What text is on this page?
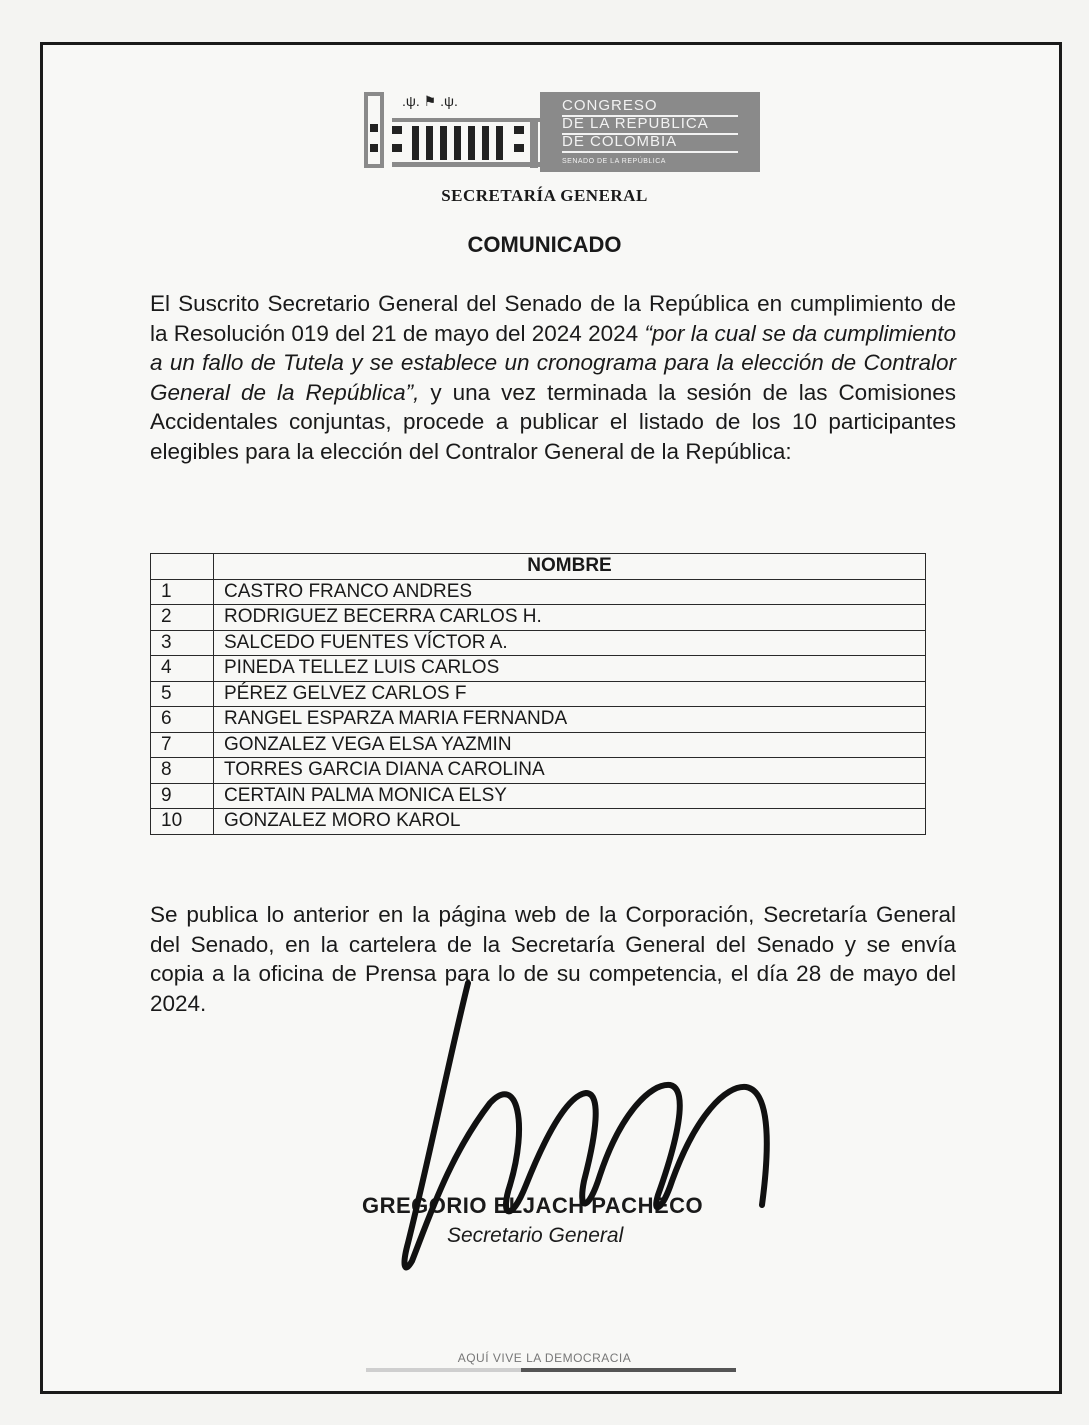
.ψ. ⚑ .ψ.	CONGRESO
DE LA REPÚBLICA
DE COLOMBIA
SENADO DE LA REPÚBLICA
SECRETARÍA GENERAL
COMUNICADO
El Suscrito Secretario General del Senado de la República en cumplimiento de la Resolución 019 del 21 de mayo del 2024 2024 “por la cual se da cumplimiento a un fallo de Tutela y se establece un cronograma para la elección de Contralor General de la República”, y una vez terminada la sesión de las Comisiones Accidentales conjuntas, procede a publicar el listado de los 10 participantes elegibles para la elección del Contralor General de la República:
	NOMBRE
1	CASTRO FRANCO ANDRES
2	RODRIGUEZ BECERRA CARLOS H.
3	SALCEDO FUENTES VÍCTOR A.
4	PINEDA TELLEZ LUIS CARLOS
5	PÉREZ GELVEZ CARLOS F
6	RANGEL ESPARZA MARIA FERNANDA
7	GONZALEZ VEGA ELSA YAZMIN
8	TORRES GARCIA DIANA CAROLINA
9	CERTAIN PALMA MONICA ELSY
10	GONZALEZ MORO KAROL
Se publica lo anterior en la página web de la Corporación, Secretaría General del Senado, en la cartelera de la Secretaría General del Senado y se envía copia a la oficina de Prensa para lo de su competencia, el día 28 de mayo del 2024.
GREGORIO ELJACH PACHECO
Secretario General
AQUÍ VIVE LA DEMOCRACIA
